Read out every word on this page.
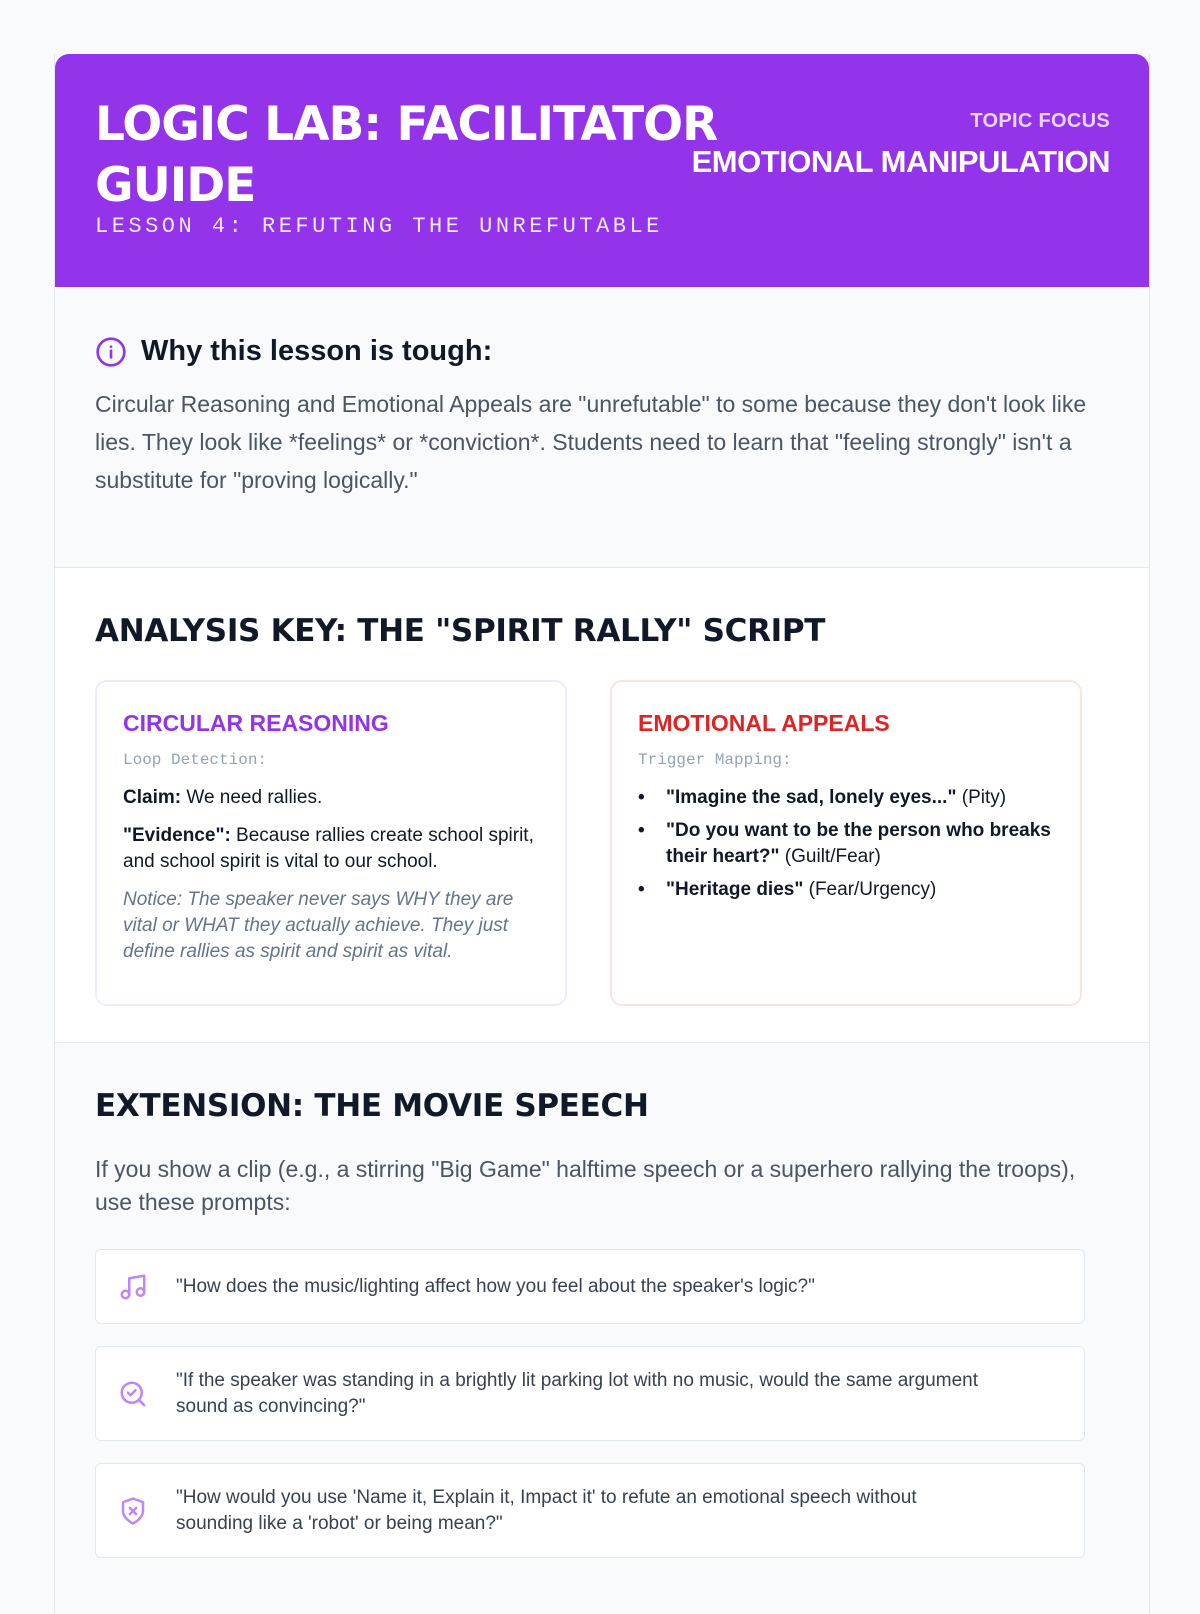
LOGIC LAB: FACILITATOR GUIDE
LESSON 4: REFUTING THE UNREFUTABLE
TOPIC FOCUS
EMOTIONAL MANIPULATION
Why this lesson is tough:
Circular Reasoning and Emotional Appeals are "unrefutable" to some because they don't look like lies. They look like *feelings* or *conviction*. Students need to learn that "feeling strongly" isn't a substitute for "proving logically."
ANALYSIS KEY: THE "SPIRIT RALLY" SCRIPT
CIRCULAR REASONING
Loop Detection:
Claim: We need rallies.
"Evidence": Because rallies create school spirit, and school spirit is vital to our school.
Notice: The speaker never says WHY they are vital or WHAT they actually achieve. They just define rallies as spirit and spirit as vital.
EMOTIONAL APPEALS
Trigger Mapping:
• "Imagine the sad, lonely eyes..." (Pity)
• "Do you want to be the person who breaks their heart?" (Guilt/Fear)
• "Heritage dies" (Fear/Urgency)
EXTENSION: THE MOVIE SPEECH
If you show a clip (e.g., a stirring "Big Game" halftime speech or a superhero rallying the troops), use these prompts:
"How does the music/lighting affect how you feel about the speaker's logic?"
"If the speaker was standing in a brightly lit parking lot with no music, would the same argument sound as convincing?"
"How would you use 'Name it, Explain it, Impact it' to refute an emotional speech without sounding like a 'robot' or being mean?"
